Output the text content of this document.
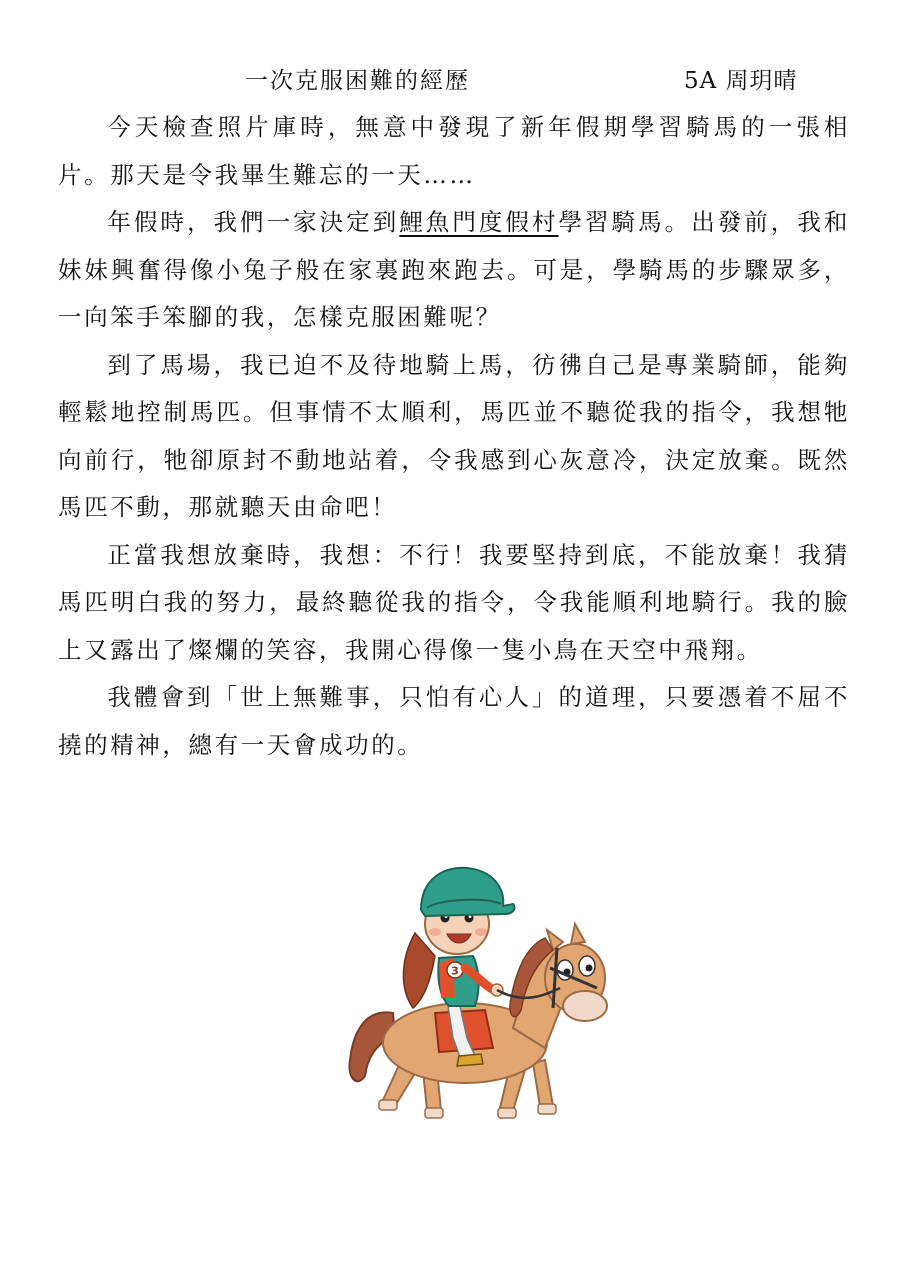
一次克服困難的經歷	5A 周玥晴

今天檢查照片庫時，無意中發現了新年假期學習騎馬的一張相片。那天是令我畢生難忘的一天……

年假時，我們一家決定到鯉魚門度假村學習騎馬。出發前，我和妹妹興奮得像小兔子般在家裏跑來跑去。可是，學騎馬的步驟眾多，一向笨手笨腳的我，怎樣克服困難呢？

到了馬場，我已迫不及待地騎上馬，彷彿自己是專業騎師，能夠輕鬆地控制馬匹。但事情不太順利，馬匹並不聽從我的指令，我想牠向前行，牠卻原封不動地站着，令我感到心灰意冷，決定放棄。既然馬匹不動，那就聽天由命吧！

正當我想放棄時，我想：不行！我要堅持到底，不能放棄！我猜馬匹明白我的努力，最終聽從我的指令，令我能順利地騎行。我的臉上又露出了燦爛的笑容，我開心得像一隻小鳥在天空中飛翔。

我體會到「世上無難事，只怕有心人」的道理，只要憑着不屈不撓的精神，總有一天會成功的。

3
